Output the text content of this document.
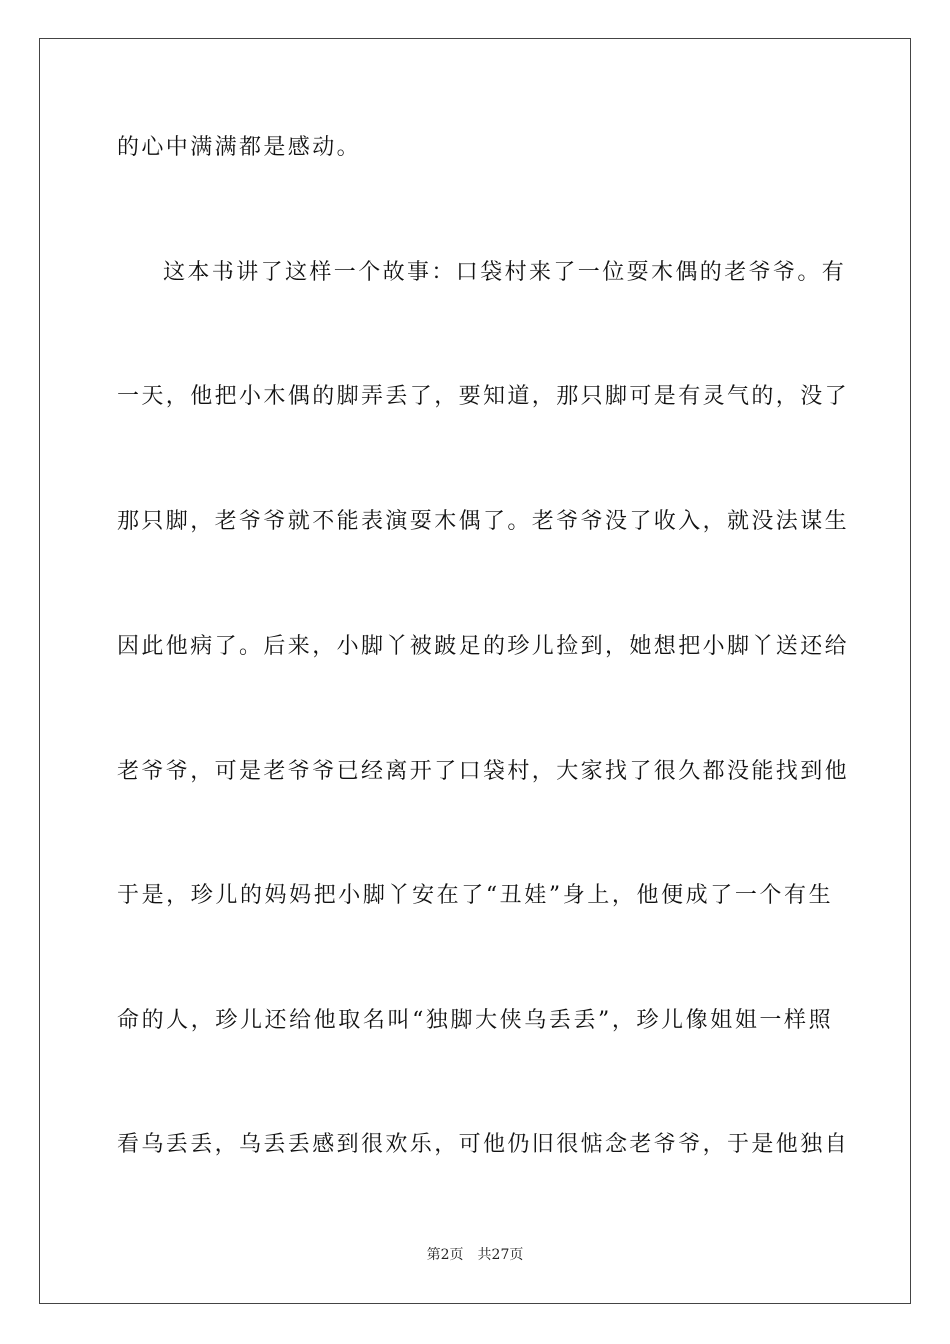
的心中满满都是感动。
这本书讲了这样一个故事：口袋村来了一位耍木偶的老爷爷。有
一天，他把小木偶的脚弄丢了，要知道，那只脚可是有灵气的，没了
那只脚，老爷爷就不能表演耍木偶了。老爷爷没了收入，就没法谋生
因此他病了。后来，小脚丫被跛足的珍儿捡到，她想把小脚丫送还给
老爷爷，可是老爷爷已经离开了口袋村，大家找了很久都没能找到他
于是，珍儿的妈妈把小脚丫安在了“丑娃”身上，他便成了一个有生
命的人，珍儿还给他取名叫“独脚大侠乌丢丢”，珍儿像姐姐一样照
看乌丢丢，乌丢丢感到很欢乐，可他仍旧很惦念老爷爷，于是他独自
第2页 共27页
